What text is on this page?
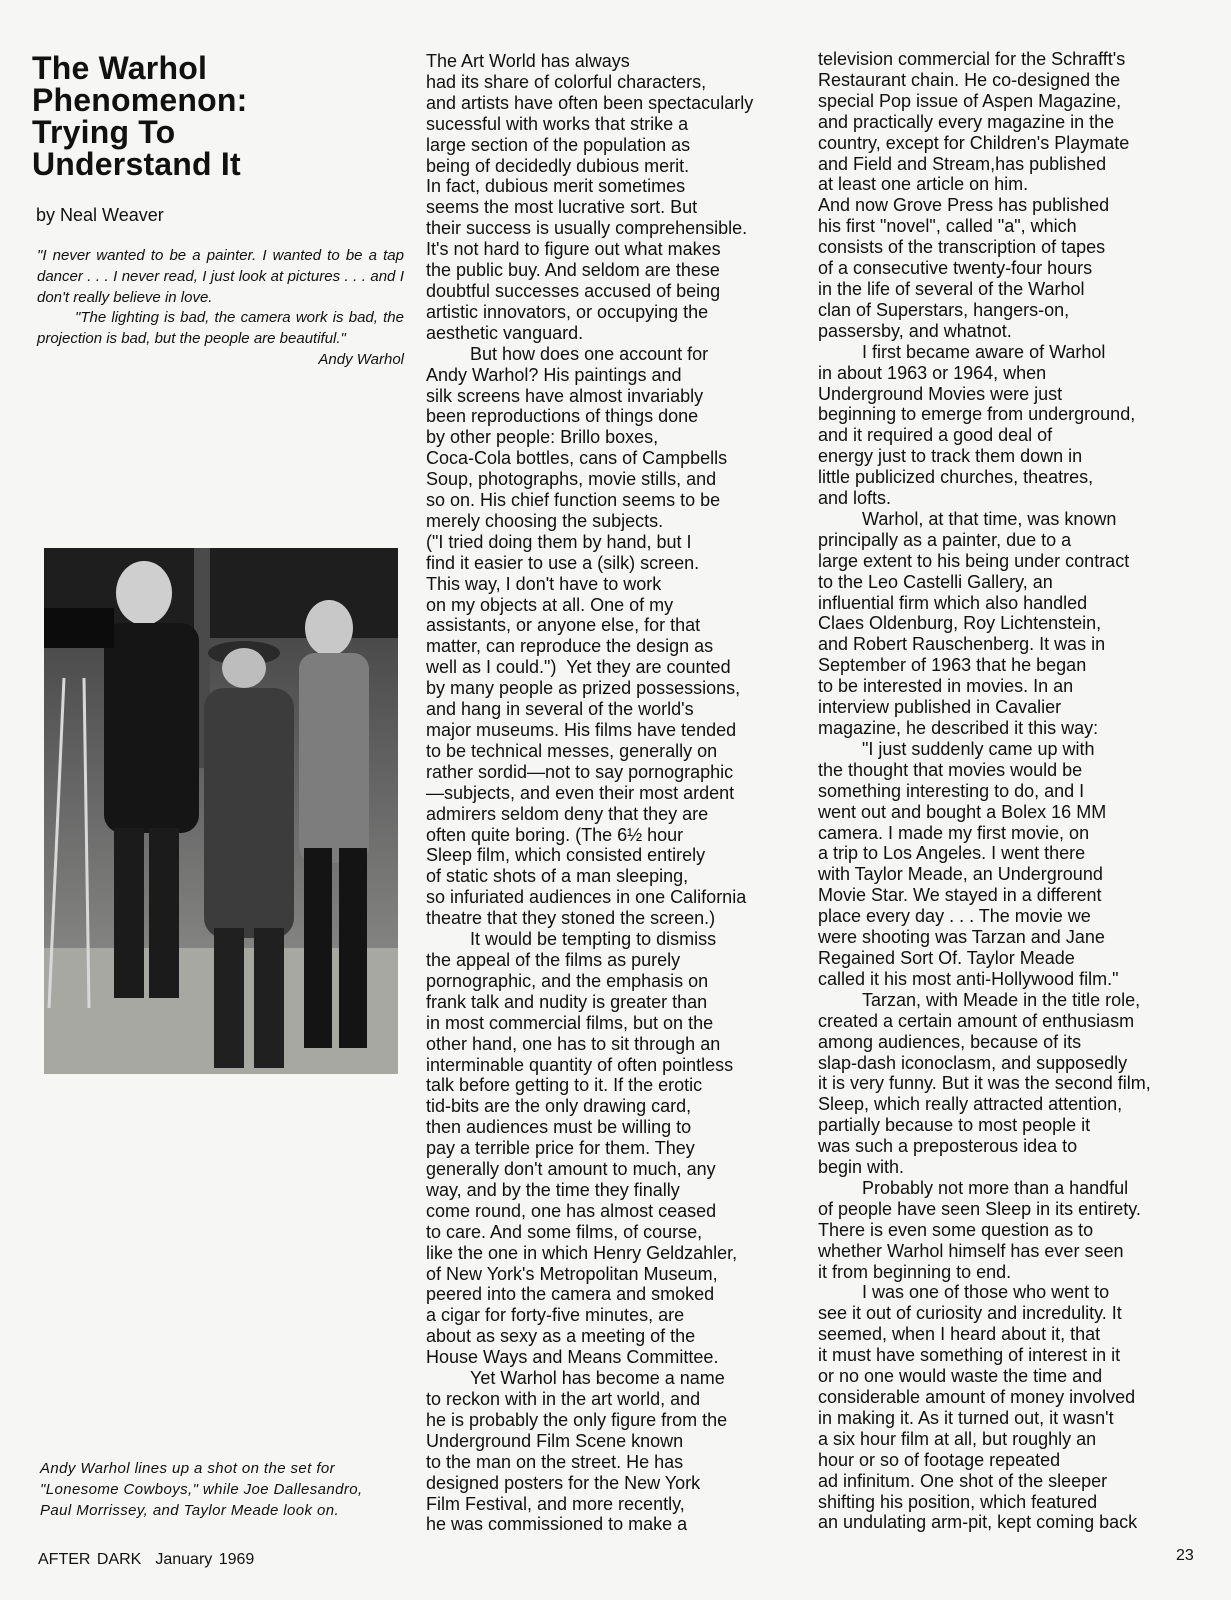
The Warhol
Phenomenon:
Trying To
Understand It
by Neal Weaver

"I never wanted to be a painter. I wanted to be a tap dancer . . . I never read, I just look at pictures . . . and I don't really believe in love.

"The lighting is bad, the camera work is bad, the projection is bad, but the people are beautiful."
Andy Warhol

Andy Warhol lines up a shot on the set for "Lonesome Cowboys," while Joe Dallesandro, Paul Morrissey, and Taylor Meade look on.

The Art World has always
had its share of colorful characters,
and artists have often been spectacularly
sucessful with works that strike a
large section of the population as
being of decidedly dubious merit.
In fact, dubious merit sometimes
seems the most lucrative sort. But
their success is usually comprehensible.
It's not hard to figure out what makes
the public buy. And seldom are these
doubtful successes accused of being
artistic innovators, or occupying the
aesthetic vanguard.
But how does one account for
Andy Warhol? His paintings and
silk screens have almost invariably
been reproductions of things done
by other people: Brillo boxes,
Coca-Cola bottles, cans of Campbells
Soup, photographs, movie stills, and
so on. His chief function seems to be
merely choosing the subjects.
("I tried doing them by hand, but I
find it easier to use a (silk) screen.
This way, I don't have to work
on my objects at all. One of my
assistants, or anyone else, for that
matter, can reproduce the design as
well as I could.")  Yet they are counted
by many people as prized possessions,
and hang in several of the world's
major museums. His films have tended
to be technical messes, generally on
rather sordid—not to say pornographic
—subjects, and even their most ardent
admirers seldom deny that they are
often quite boring. (The 6½ hour
Sleep film, which consisted entirely
of static shots of a man sleeping,
so infuriated audiences in one California
theatre that they stoned the screen.)
It would be tempting to dismiss
the appeal of the films as purely
pornographic, and the emphasis on
frank talk and nudity is greater than
in most commercial films, but on the
other hand, one has to sit through an
interminable quantity of often pointless
talk before getting to it. If the erotic
tid-bits are the only drawing card,
then audiences must be willing to
pay a terrible price for them. They
generally don't amount to much, any
way, and by the time they finally
come round, one has almost ceased
to care. And some films, of course,
like the one in which Henry Geldzahler,
of New York's Metropolitan Museum,
peered into the camera and smoked
a cigar for forty-five minutes, are
about as sexy as a meeting of the
House Ways and Means Committee.
Yet Warhol has become a name
to reckon with in the art world, and
he is probably the only figure from the
Underground Film Scene known
to the man on the street. He has
designed posters for the New York
Film Festival, and more recently,
he was commissioned to make a
television commercial for the Schrafft's
Restaurant chain. He co-designed the
special Pop issue of Aspen Magazine,
and practically every magazine in the
country, except for Children's Playmate
and Field and Stream,has published
at least one article on him.
And now Grove Press has published
his first "novel", called "a", which
consists of the transcription of tapes
of a consecutive twenty-four hours
in the life of several of the Warhol
clan of Superstars, hangers-on,
passersby, and whatnot.
I first became aware of Warhol
in about 1963 or 1964, when
Underground Movies were just
beginning to emerge from underground,
and it required a good deal of
energy just to track them down in
little publicized churches, theatres,
and lofts.
Warhol, at that time, was known
principally as a painter, due to a
large extent to his being under contract
to the Leo Castelli Gallery, an
influential firm which also handled
Claes Oldenburg, Roy Lichtenstein,
and Robert Rauschenberg. It was in
September of 1963 that he began
to be interested in movies. In an
interview published in Cavalier
magazine, he described it this way:
"I just suddenly came up with
the thought that movies would be
something interesting to do, and I
went out and bought a Bolex 16 MM
camera. I made my first movie, on
a trip to Los Angeles. I went there
with Taylor Meade, an Underground
Movie Star. We stayed in a different
place every day . . . The movie we
were shooting was Tarzan and Jane
Regained Sort Of. Taylor Meade
called it his most anti-Hollywood film."
Tarzan, with Meade in the title role,
created a certain amount of enthusiasm
among audiences, because of its
slap-dash iconoclasm, and supposedly
it is very funny. But it was the second film,
Sleep, which really attracted attention,
partially because to most people it
was such a preposterous idea to
begin with.
Probably not more than a handful
of people have seen Sleep in its entirety.
There is even some question as to
whether Warhol himself has ever seen
it from beginning to end.
I was one of those who went to
see it out of curiosity and incredulity. It
seemed, when I heard about it, that
it must have something of interest in it
or no one would waste the time and
considerable amount of money involved
in making it. As it turned out, it wasn't
a six hour film at all, but roughly an
hour or so of footage repeated
ad infinitum. One shot of the sleeper
shifting his position, which featured
an undulating arm-pit, kept coming back
AFTER DARK January 1969	23
